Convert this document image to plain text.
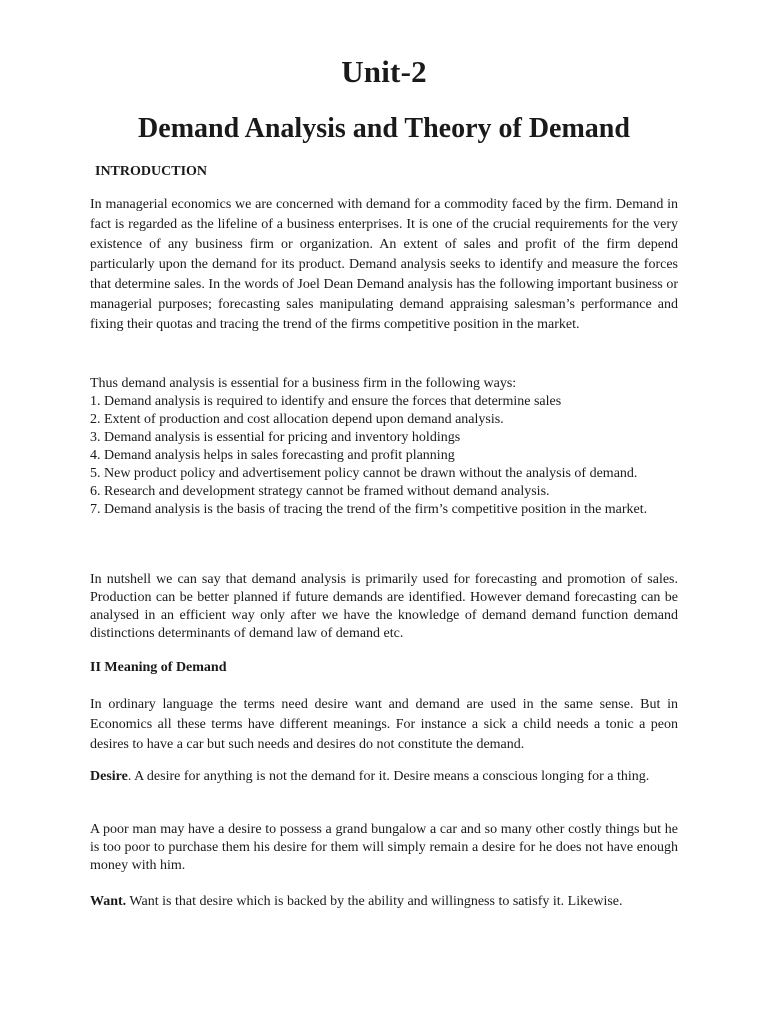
Unit-2
Demand Analysis and Theory of Demand
INTRODUCTION

In managerial economics we are concerned with demand for a commodity faced by the firm. Demand in fact is regarded as the lifeline of a business enterprises. It is one of the crucial requirements for the very existence of any business firm or organization. An extent of sales and profit of the firm depend particularly upon the demand for its product. Demand analysis seeks to identify and measure the forces that determine sales. In the words of Joel Dean Demand analysis has the following important business or managerial purposes; forecasting sales manipulating demand appraising salesman’s performance and fixing their quotas and tracing the trend of the firms competitive position in the market.

Thus demand analysis is essential for a business firm in the following ways:

1. Demand analysis is required to identify and ensure the forces that determine sales
2. Extent of production and cost allocation depend upon demand analysis.
3. Demand analysis is essential for pricing and inventory holdings
4. Demand analysis helps in sales forecasting and profit planning
5. New product policy and advertisement policy cannot be drawn without the analysis of demand.
6. Research and development strategy cannot be framed without demand analysis.
7. Demand analysis is the basis of tracing the trend of the firm’s competitive position in the market.

In nutshell we can say that demand analysis is primarily used for forecasting and promotion of sales. Production can be better planned if future demands are identified. However demand forecasting can be analysed in an efficient way only after we have the knowledge of demand demand function demand distinctions determinants of demand law of demand etc.

II Meaning of Demand

In ordinary language the terms need desire want and demand are used in the same sense. But in Economics all these terms have different meanings. For instance a sick a child needs a tonic a peon desires to have a car but such needs and desires do not constitute the demand.

Desire. A desire for anything is not the demand for it. Desire means a conscious longing for a thing.

A poor man may have a desire to possess a grand bungalow a car and so many other costly things but he is too poor to purchase them his desire for them will simply remain a desire for he does not have enough money with him.

Want. Want is that desire which is backed by the ability and willingness to satisfy it. Likewise.
